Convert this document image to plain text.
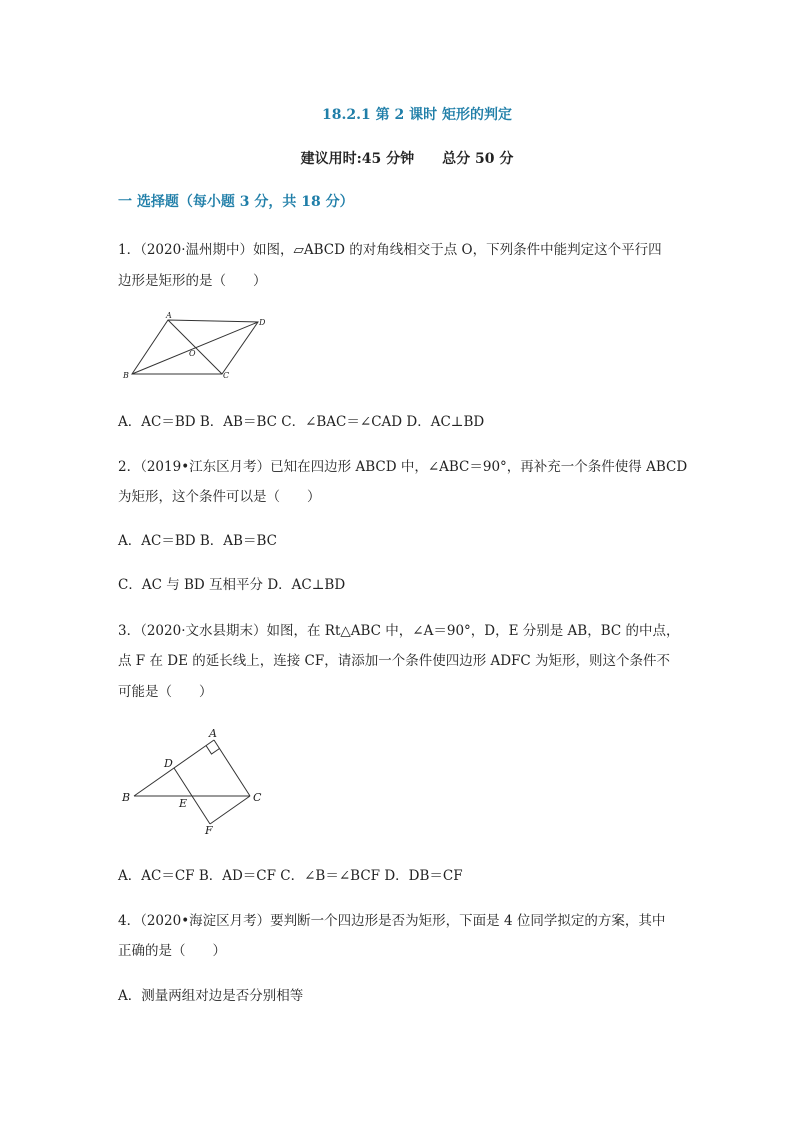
18.2.1 第 2 课时 矩形的判定
建议用时:45 分钟 总分 50 分
一 选择题（每小题 3 分，共 18 分）
1．（2020·温州期中）如图，▱ABCD 的对角线相交于点 O，下列条件中能判定这个平行四
边形是矩形的是（　　）
A
D
B	C
O
A．AC＝BD B．AB＝BC C．∠BAC＝∠CAD D．AC⊥BD
2．（2019•江东区月考）已知在四边形 ABCD 中，∠ABC＝90°，再补充一个条件使得 ABCD
为矩形，这个条件可以是（　　）
A．AC＝BD B．AB＝BC
C．AC 与 BD 互相平分 D．AC⊥BD
3．（2020·文水县期末）如图，在 Rt△ABC 中，∠A＝90°，D，E 分别是 AB，BC 的中点，
点 F 在 DE 的延长线上，连接 CF，请添加一个条件使四边形 ADFC 为矩形，则这个条件不
可能是（　　）
A
D
B	E	C
F
A．AC＝CF B．AD＝CF C．∠B＝∠BCF D．DB＝CF
4．（2020•海淀区月考）要判断一个四边形是否为矩形，下面是 4 位同学拟定的方案，其中
正确的是（　　）
A．测量两组对边是否分别相等
